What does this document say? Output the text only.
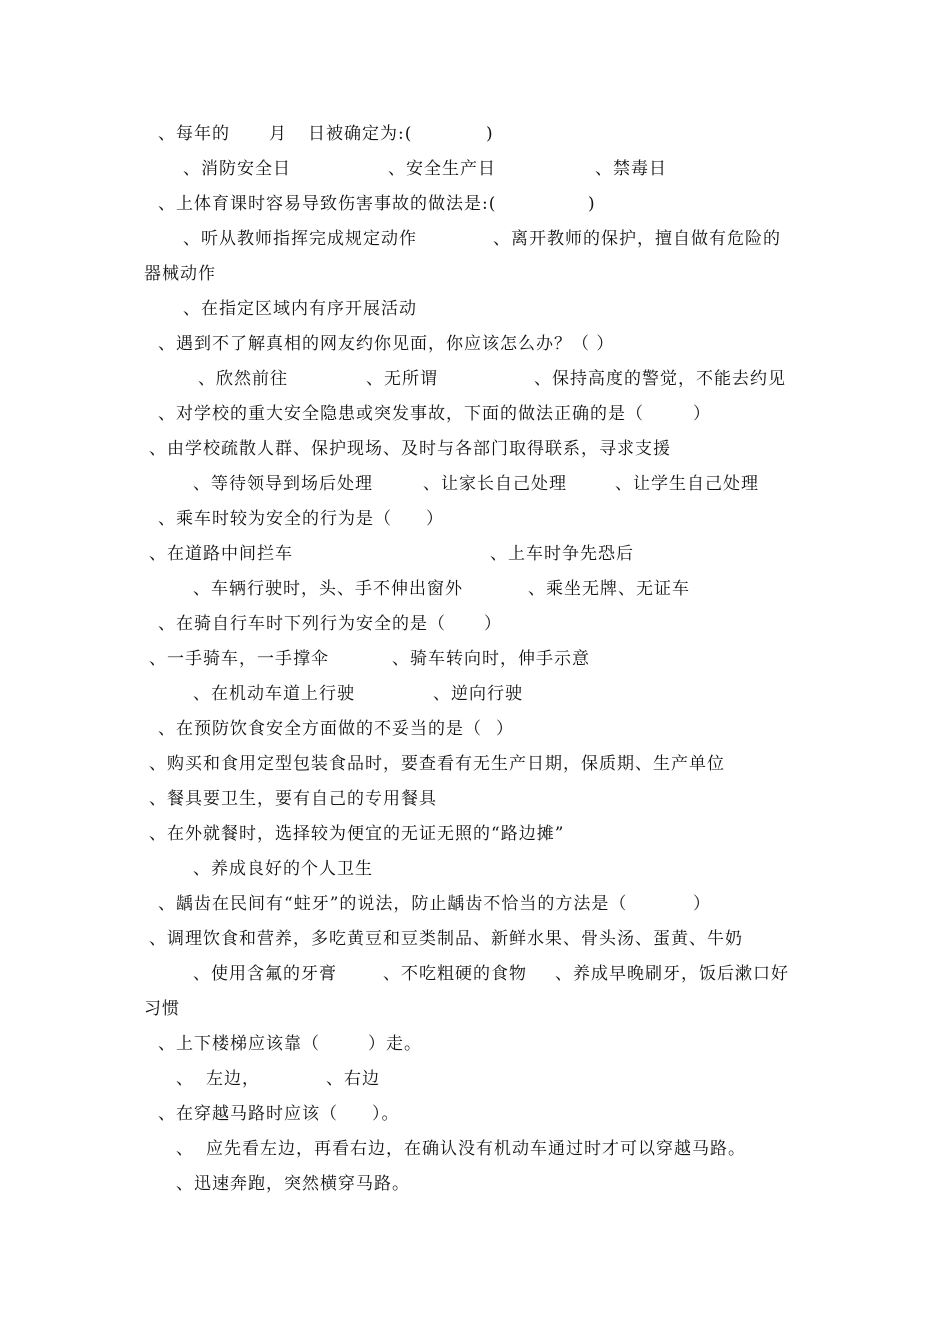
、每年的 月 日被确定为:(	)
、消防安全日	、安全生产日	、禁毒日
、上体育课时容易导致伤害事故的做法是:(	)
、听从教师指挥完成规定动作	、离开教师的保护，擅自做有危险的
器械动作
、在指定区域内有序开展活动
、遇到不了解真相的网友约你见面，你应该怎么办？（ ）
、欣然前往	、无所谓	、保持高度的警觉，不能去约见
、对学校的重大安全隐患或突发事故，下面的做法正确的是（	）
、由学校疏散人群、保护现场、及时与各部门取得联系，寻求支援
、等待领导到场后处理	、让家长自己处理	、让学生自己处理
、乘车时较为安全的行为是（ ）
、在道路中间拦车	、上车时争先恐后
、车辆行驶时，头、手不伸出窗外	、乘坐无牌、无证车
、在骑自行车时下列行为安全的是（ ）
、一手骑车，一手撑伞	、骑车转向时，伸手示意
、在机动车道上行驶	、逆向行驶
、在预防饮食安全方面做的不妥当的是（ ）
、购买和食用定型包装食品时，要查看有无生产日期，保质期、生产单位
、餐具要卫生，要有自己的专用餐具
、在外就餐时，选择较为便宜的无证无照的“路边摊”
、养成良好的个人卫生
、龋齿在民间有“蛀牙”的说法，防止龋齿不恰当的方法是（	）
、调理饮食和营养，多吃黄豆和豆类制品、新鲜水果、骨头汤、蛋黄、牛奶
、使用含氟的牙膏	、不吃粗硬的食物 、养成早晚刷牙，饭后漱口好
习惯
、上下楼梯应该靠（	）走。
、 左边，	、右边
、在穿越马路时应该（ ）。
、 应先看左边，再看右边，在确认没有机动车通过时才可以穿越马路。
、迅速奔跑，突然横穿马路。
